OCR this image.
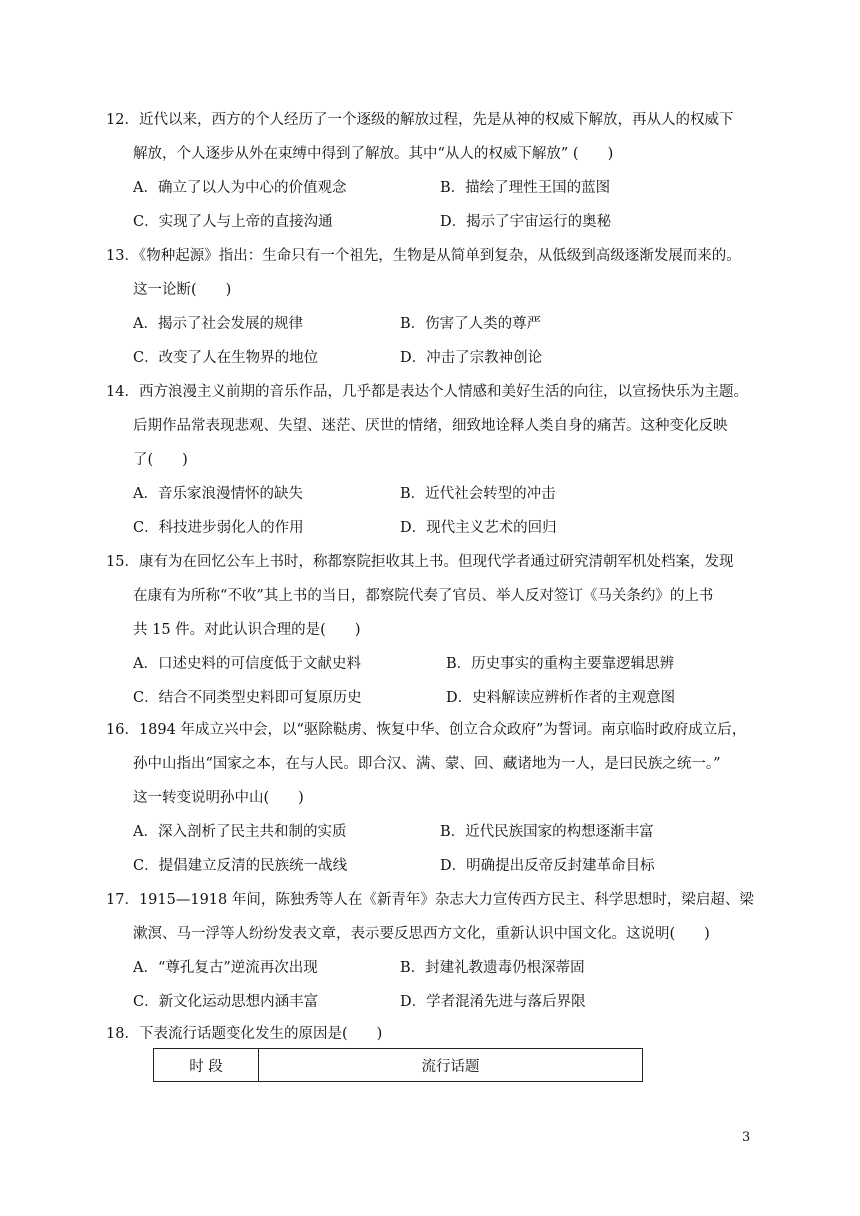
12．近代以来，西方的个人经历了一个逐级的解放过程，先是从神的权威下解放，再从人的权威下
解放，个人逐步从外在束缚中得到了解放。其中“从人的权威下解放” (　　)
A．确立了以人为中心的价值观念	B．描绘了理性王国的蓝图
C．实现了人与上帝的直接沟通	D．揭示了宇宙运行的奥秘
13．《物种起源》指出：生命只有一个祖先，生物是从简单到复杂，从低级到高级逐渐发展而来的。
这一论断(　　)
A．揭示了社会发展的规律	B．伤害了人类的尊严
C．改变了人在生物界的地位	D．冲击了宗教神创论
14．西方浪漫主义前期的音乐作品，几乎都是表达个人情感和美好生活的向往，以宣扬快乐为主题。
后期作品常表现悲观、失望、迷茫、厌世的情绪，细致地诠释人类自身的痛苦。这种变化反映
了(　　)
A．音乐家浪漫情怀的缺失	B．近代社会转型的冲击
C．科技进步弱化人的作用	D．现代主义艺术的回归
15．康有为在回忆公车上书时，称都察院拒收其上书。但现代学者通过研究清朝军机处档案，发现
在康有为所称“不收”其上书的当日，都察院代奏了官员、举人反对签订《马关条约》的上书
共 15 件。对此认识合理的是(　　)
A．口述史料的可信度低于文献史料	B．历史事实的重构主要靠逻辑思辨
C．结合不同类型史料即可复原历史	D．史料解读应辨析作者的主观意图
16．1894 年成立兴中会，以“驱除鞑虏、恢复中华、创立合众政府”为誓词。南京临时政府成立后，
孙中山指出“国家之本，在与人民。即合汉、满、蒙、回、藏诸地为一人，是曰民族之统一。”
这一转变说明孙中山(　　)
A．深入剖析了民主共和制的实质	B．近代民族国家的构想逐渐丰富
C．提倡建立反清的民族统一战线	D．明确提出反帝反封建革命目标
17．1915—1918 年间，陈独秀等人在《新青年》杂志大力宣传西方民主、科学思想时，梁启超、梁
漱溟、马一浮等人纷纷发表文章，表示要反思西方文化，重新认识中国文化。这说明(　　)
A．“尊孔复古”逆流再次出现	B．封建礼教遗毒仍根深蒂固
C．新文化运动思想内涵丰富	D．学者混淆先进与落后界限
18．下表流行话题变化发生的原因是(　　)
时 段	流行话题
3
